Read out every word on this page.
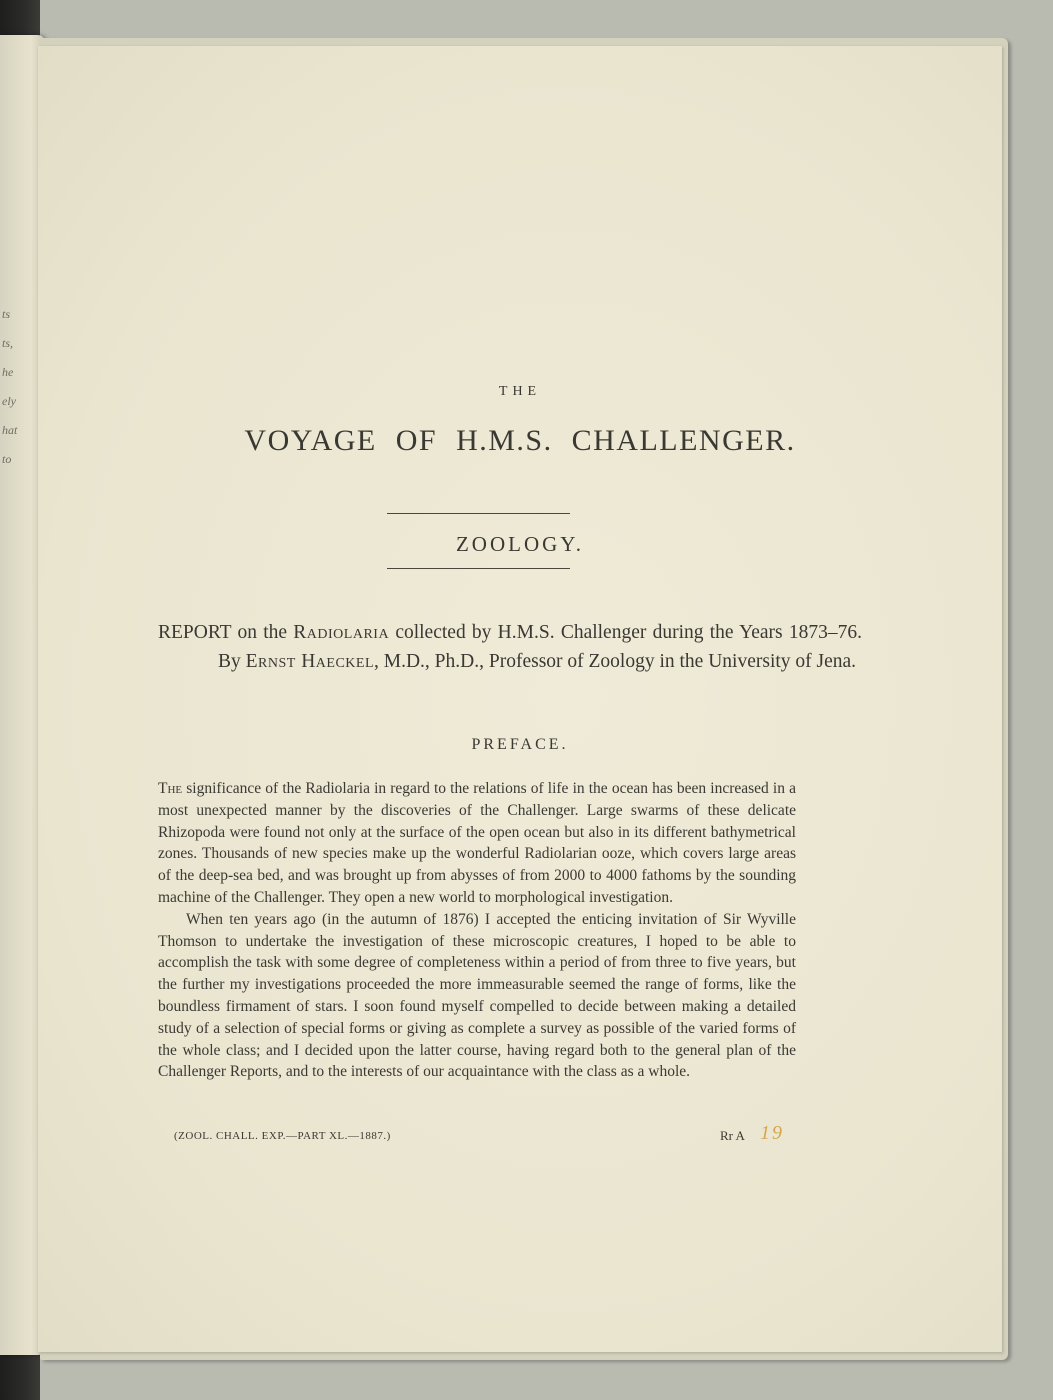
ts
ts,
he
ely
hat
to
THE
VOYAGE OF H.M.S. CHALLENGER.
ZOOLOGY.
REPORT on the Radiolaria collected by H.M.S. Challenger during the Years 1873–76. By Ernst Haeckel, M.D., Ph.D., Professor of Zoology in the University of Jena.
PREFACE.

The significance of the Radiolaria in regard to the relations of life in the ocean has been increased in a most unexpected manner by the discoveries of the Challenger. Large swarms of these delicate Rhizopoda were found not only at the surface of the open ocean but also in its different bathymetrical zones. Thousands of new species make up the wonderful Radiolarian ooze, which covers large areas of the deep-sea bed, and was brought up from abysses of from 2000 to 4000 fathoms by the sounding machine of the Challenger. They open a new world to morphological investigation.

When ten years ago (in the autumn of 1876) I accepted the enticing invitation of Sir Wyville Thomson to undertake the investigation of these microscopic creatures, I hoped to be able to accomplish the task with some degree of completeness within a period of from three to five years, but the further my investigations proceeded the more immeasurable seemed the range of forms, like the boundless firmament of stars. I soon found myself compelled to decide between making a detailed study of a selection of special forms or giving as complete a survey as possible of the varied forms of the whole class; and I decided upon the latter course, having regard both to the general plan of the Challenger Reports, and to the interests of our acquaintance with the class as a whole.

(ZOOL. CHALL. EXP.—PART XL.—1887.)	Rr A 19
